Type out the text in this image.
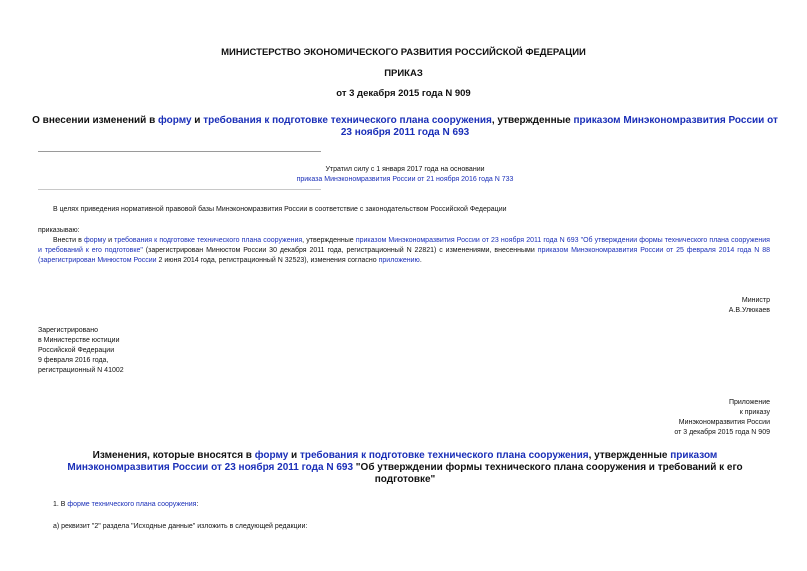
МИНИСТЕРСТВО ЭКОНОМИЧЕСКОГО РАЗВИТИЯ РОССИЙСКОЙ ФЕДЕРАЦИИ
ПРИКАЗ
от 3 декабря 2015 года N 909
О внесении изменений в форму и требования к подготовке технического плана сооружения, утвержденные приказом Минэкономразвития России от 23 ноября 2011 года N 693
Утратил силу с 1 января 2017 года на основании
приказа Минэкономразвития России от 21 ноября 2016 года N 733
В целях приведения нормативной правовой базы Минэкономразвития России в соответствие с законодательством Российской Федерации
приказываю:
Внести в форму и требования к подготовке технического плана сооружения, утвержденные приказом Минэкономразвития России от 23 ноября 2011 года N 693 "Об утверждении формы технического плана сооружения и требований к его подготовке" (зарегистрирован Минюстом России 30 декабря 2011 года, регистрационный N 22821) с изменениями, внесенными приказом Минэкономразвития России от 25 февраля 2014 года N 88 (зарегистрирован Минюстом России 2 июня 2014 года, регистрационный N 32523), изменения согласно приложению.
Министр
А.В.Улюкаев
Зарегистрировано
в Министерстве юстиции
Российской Федерации
9 февраля 2016 года,
регистрационный N 41002
Приложение
к приказу
Минэкономразвития России
от 3 декабря 2015 года N 909
Изменения, которые вносятся в форму и требования к подготовке технического плана сооружения, утвержденные приказом Минэкономразвития России от 23 ноября 2011 года N 693 "Об утверждении формы технического плана сооружения и требований к его подготовке"
1. В форме технического плана сооружения:
а) реквизит "2" раздела "Исходные данные" изложить в следующей редакции:
